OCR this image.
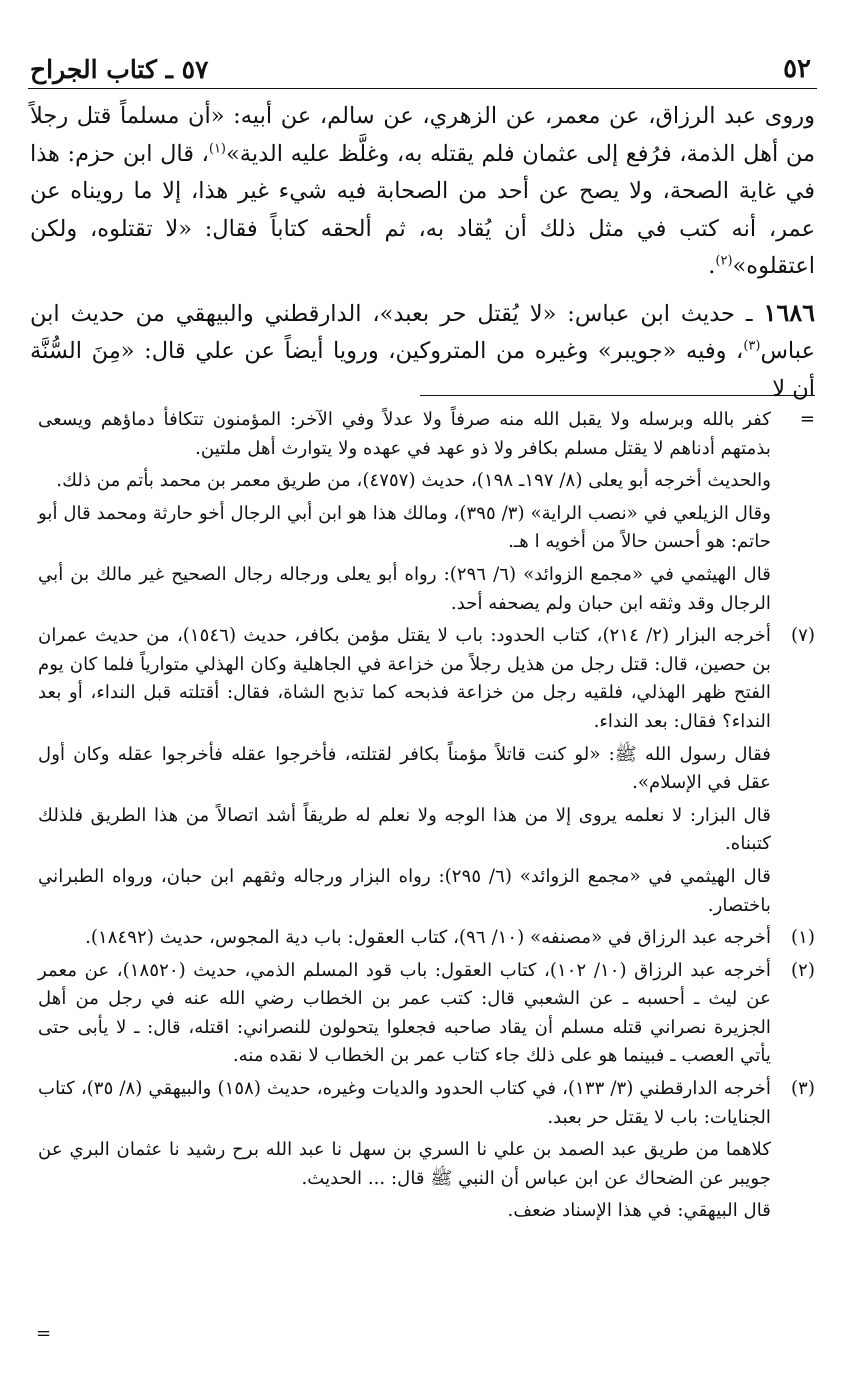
٥٢
٥٧ ـ كتاب الجراح

وروى عبد الرزاق، عن معمر، عن الزهري، عن سالم، عن أبيه: «أن مسلماً قتل رجلاً من أهل الذمة، فرُفع إلى عثمان فلم يقتله به، وغلَّظ عليه الدية»$^{(١)}$، قال ابن حزم: هذا في غاية الصحة، ولا يصح عن أحد من الصحابة فيه شيء غير هذا، إلا ما رويناه عن عمر، أنه كتب في مثل ذلك أن يُقاد به، ثم ألحقه كتاباً فقال: «لا تقتلوه، ولكن اعتقلوه»$^{(٢)}$.

١٦٨٦ ـ حديث ابن عباس: «لا يُقتل حر بعبد»، الدارقطني والبيهقي من حديث ابن عباس$^{(٣)}$، وفيه «جويبر» وغيره من المتروكين، ورويا أيضاً عن علي قال: «مِنَ السُّنَّة أن لا

=

كفر بالله وبرسله ولا يقبل الله منه صرفاً ولا عدلاً وفي الآخر: المؤمنون تتكافأ دماؤهم ويسعى بذمتهم أدناهم لا يقتل مسلم بكافر ولا ذو عهد في عهده ولا يتوارث أهل ملتين.

والحديث أخرجه أبو يعلى (٨/ ١٩٧ـ ١٩٨)، حديث (٤٧٥٧)، من طريق معمر بن محمد بأتم من ذلك.

وقال الزيلعي في «نصب الراية» (٣/ ٣٩٥)، ومالك هذا هو ابن أبي الرجال أخو حارثة ومحمد قال أبو حاتم: هو أحسن حالاً من أخويه ا هـ.

قال الهيثمي في «مجمع الزوائد» (٦/ ٢٩٦): رواه أبو يعلى ورجاله رجال الصحيح غير مالك بن أبي الرجال وقد وثقه ابن حبان ولم يصحفه أحد.

(٧)

أخرجه البزار (٢/ ٢١٤)، كتاب الحدود: باب لا يقتل مؤمن بكافر، حديث (١٥٤٦)، من حديث عمران بن حصين، قال: قتل رجل من هذيل رجلاً من خزاعة في الجاهلية وكان الهذلي متوارياً فلما كان يوم الفتح ظهر الهذلي، فلقيه رجل من خزاعة فذبحه كما تذبح الشاة، فقال: أقتلته قبل النداء، أو بعد النداء؟ فقال: بعد النداء.

فقال رسول الله ﷺ: «لو كنت قاتلاً مؤمناً بكافر لقتلته، فأخرجوا عقله فأخرجوا عقله وكان أول عقل في الإسلام».

قال البزار: لا نعلمه يروى إلا من هذا الوجه ولا نعلم له طريقاً أشد اتصالاً من هذا الطريق فلذلك كتبناه.

قال الهيثمي في «مجمع الزوائد» (٦/ ٢٩٥): رواه البزار ورجاله وثقهم ابن حبان، ورواه الطبراني باختصار.

(١)

أخرجه عبد الرزاق في «مصنفه» (١٠/ ٩٦)، كتاب العقول: باب دية المجوس، حديث (١٨٤٩٢).

(٢)

أخرجه عبد الرزاق (١٠/ ١٠٢)، كتاب العقول: باب قود المسلم الذمي، حديث (١٨٥٢٠)، عن معمر عن ليث ـ أحسبه ـ عن الشعبي قال: كتب عمر بن الخطاب رضي الله عنه في رجل من أهل الجزيرة نصراني قتله مسلم أن يقاد صاحبه فجعلوا يتحولون للنصراني: اقتله، قال: ـ لا يأبى حتى يأتي العصب ـ فبينما هو على ذلك جاء كتاب عمر بن الخطاب لا نقده منه.

(٣)

أخرجه الدارقطني (٣/ ١٣٣)، في كتاب الحدود والديات وغيره، حديث (١٥٨) والبيهقي (٨/ ٣٥)، كتاب الجنايات: باب لا يقتل حر بعبد.

كلاهما من طريق عبد الصمد بن علي نا السري بن سهل نا عبد الله برح رشيد نا عثمان البري عن جويبر عن الضحاك عن ابن عباس أن النبي ﷺ قال: ... الحديث.

قال البيهقي: في هذا الإسناد ضعف.

=
